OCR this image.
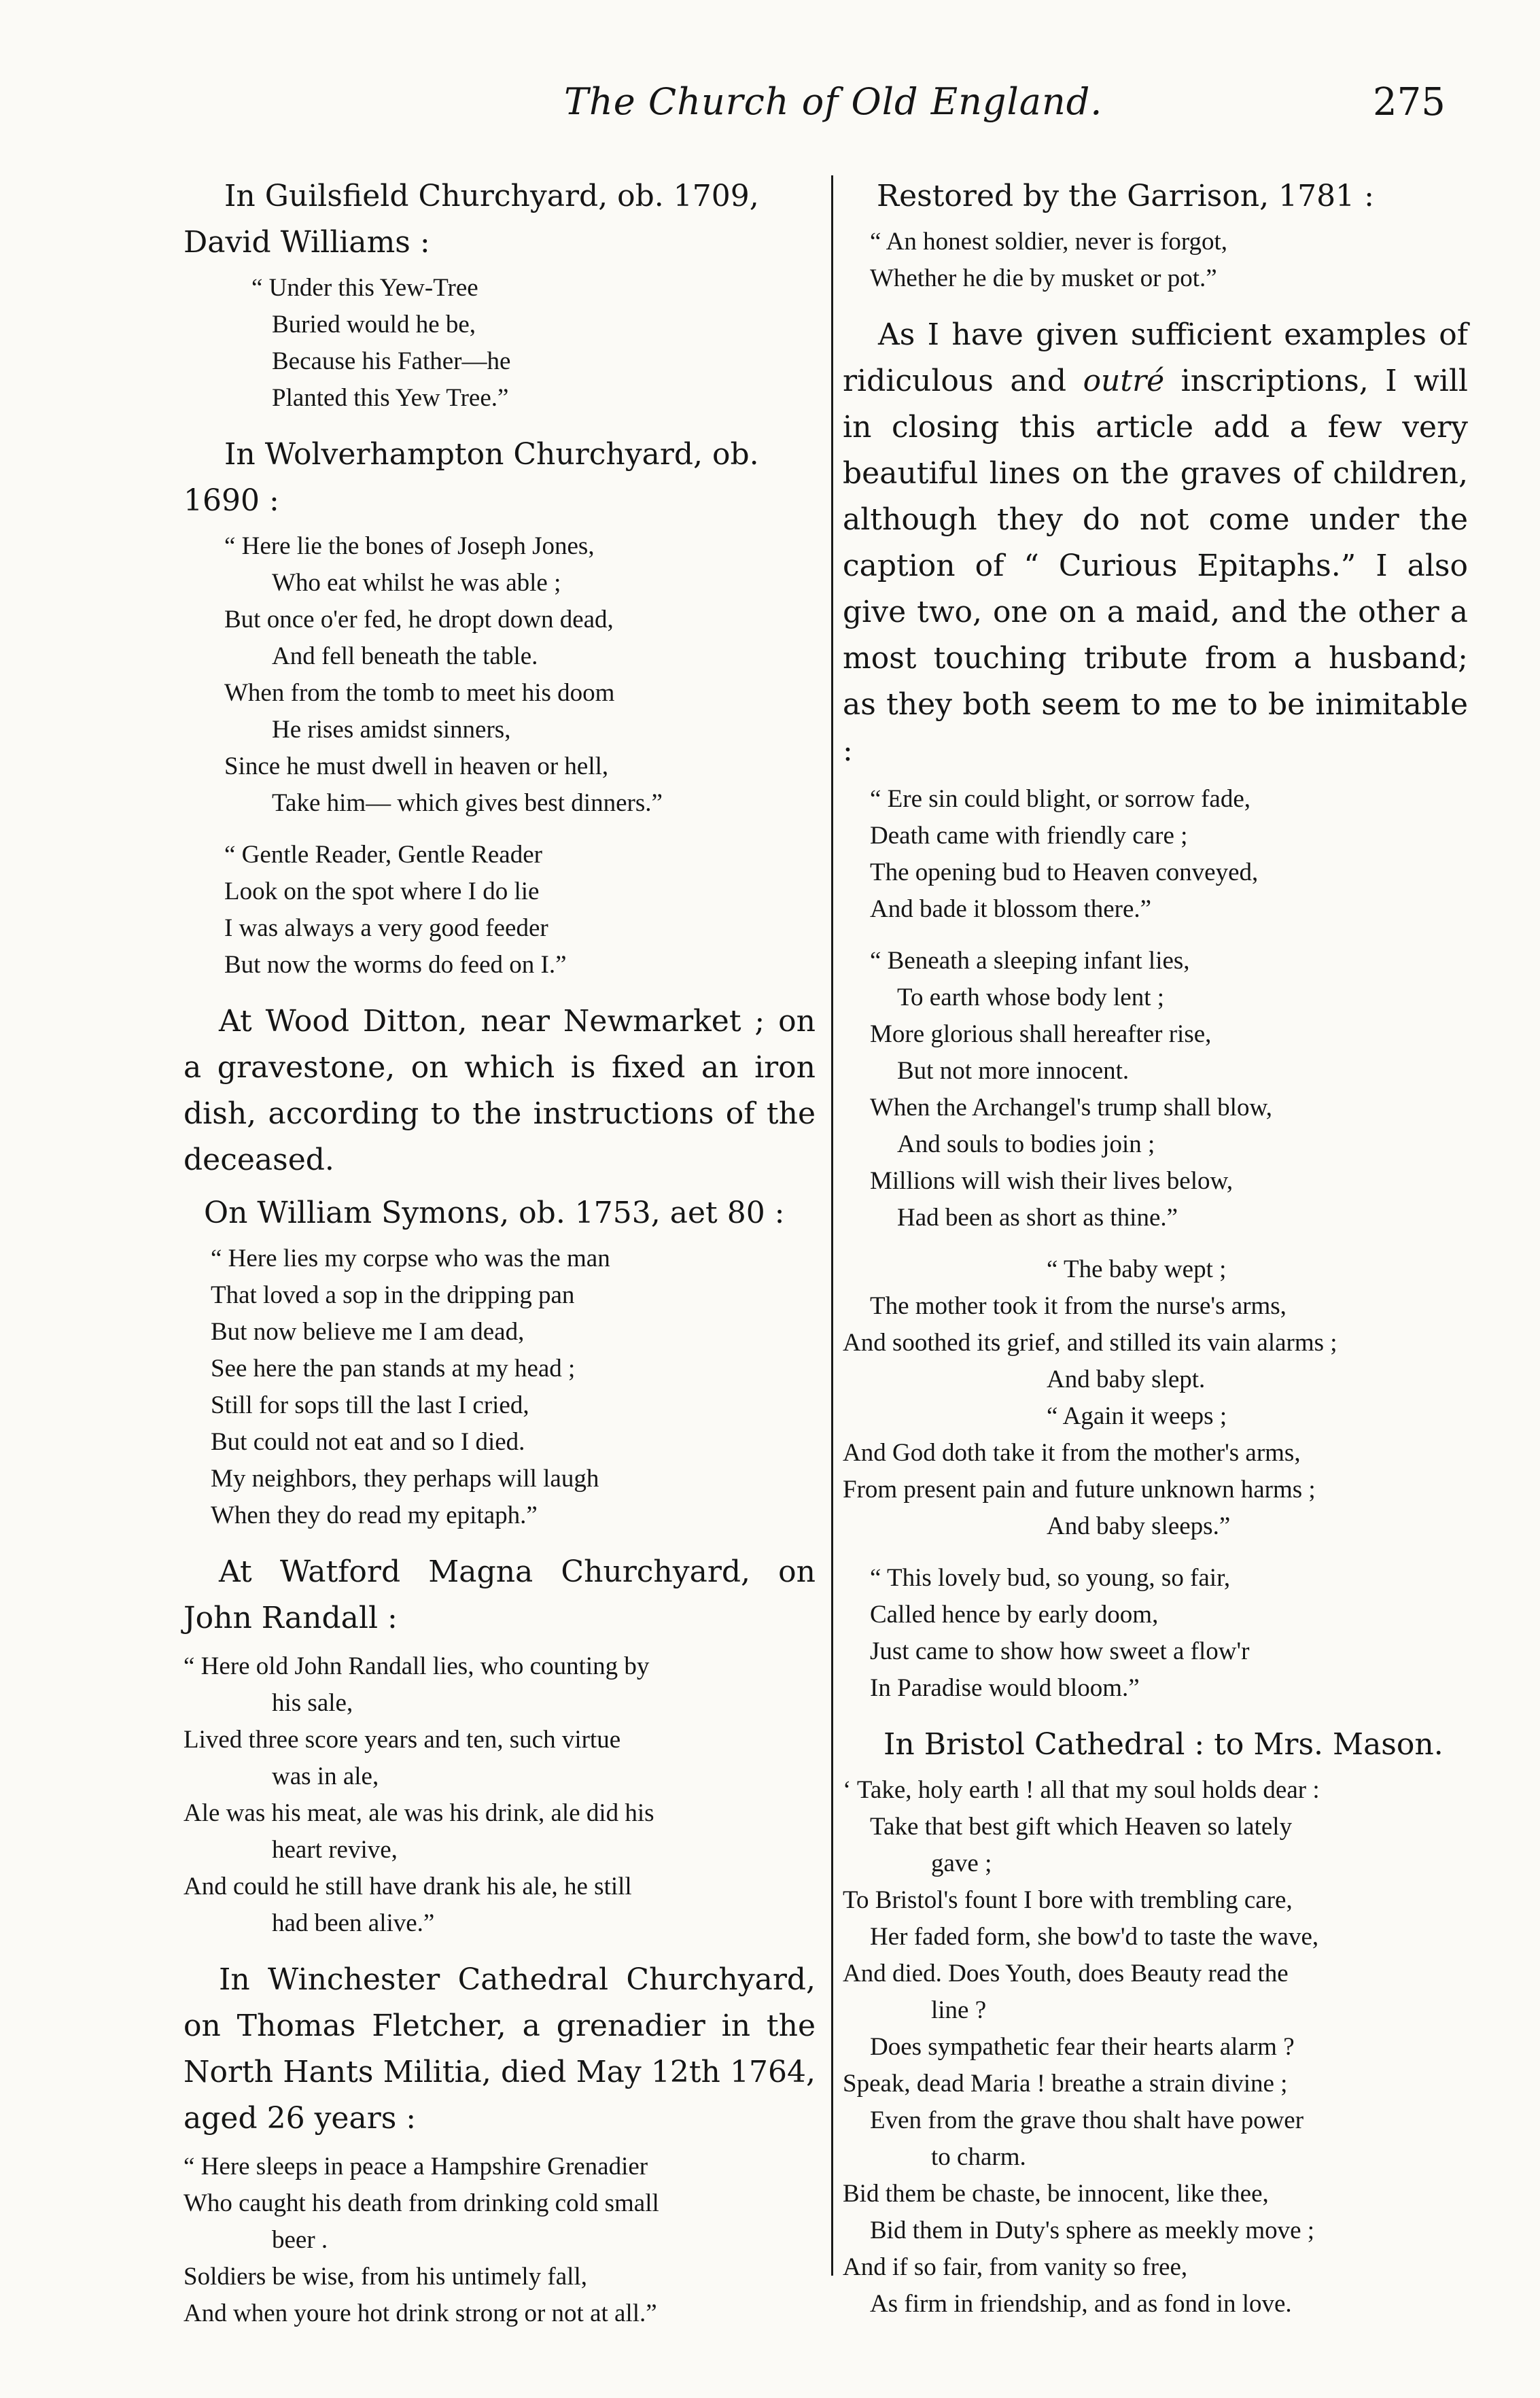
The Church of Old England.	275
In Guilsfield Churchyard, ob. 1709,
David Williams :
“ Under this Yew-Tree
Buried would he be,
Because his Father—he
Planted this Yew Tree.”
In Wolverhampton Churchyard, ob.
1690 :
“ Here lie the bones of Joseph Jones,
Who eat whilst he was able ;
But once o'er fed, he dropt down dead,
And fell beneath the table.
When from the tomb to meet his doom
He rises amidst sinners,
Since he must dwell in heaven or hell,
Take him— which gives best dinners.”
“ Gentle Reader, Gentle Reader
Look on the spot where I do lie
I was always a very good feeder
But now the worms do feed on I.”

At Wood Ditton, near Newmarket ; on a gravestone, on which is fixed an iron dish, according to the instructions of the deceased.

On William Symons, ob. 1753, aet 80 :
“ Here lies my corpse who was the man
That loved a sop in the dripping pan
But now believe me I am dead,
See here the pan stands at my head ;
Still for sops till the last I cried,
But could not eat and so I died.
My neighbors, they perhaps will laugh
When they do read my epitaph.”

At Watford Magna Churchyard, on John Randall :

“ Here old John Randall lies, who counting by
his sale,
Lived three score years and ten, such virtue
was in ale,
Ale was his meat, ale was his drink, ale did his
heart revive,
And could he still have drank his ale, he still
had been alive.”

In Winchester Cathedral Churchyard, on Thomas Fletcher, a grenadier in the North Hants Militia, died May 12th 1764, aged 26 years :

“ Here sleeps in peace a Hampshire Grenadier
Who caught his death from drinking cold small
beer .
Soldiers be wise, from his untimely fall,
And when youre hot drink strong or not at all.”
Restored by the Garrison, 1781 :
“ An honest soldier, never is forgot,
Whether he die by musket or pot.”

As I have given sufficient examples of ridiculous and outré inscriptions, I will in closing this article add a few very beautiful lines on the graves of children, although they do not come under the caption of “ Curious Epitaphs.” I also give two, one on a maid, and the other a most touching tribute from a husband; as they both seem to me to be inimitable :

“ Ere sin could blight, or sorrow fade,
Death came with friendly care ;
The opening bud to Heaven conveyed,
And bade it blossom there.”
“ Beneath a sleeping infant lies,
To earth whose body lent ;
More glorious shall hereafter rise,
But not more innocent.
When the Archangel's trump shall blow,
And souls to bodies join ;
Millions will wish their lives below,
Had been as short as thine.”
“ The baby wept ;
The mother took it from the nurse's arms,
And soothed its grief, and stilled its vain alarms ;
And baby slept.
“ Again it weeps ;
And God doth take it from the mother's arms,
From present pain and future unknown harms ;
And baby sleeps.”
“ This lovely bud, so young, so fair,
Called hence by early doom,
Just came to show how sweet a flow'r
In Paradise would bloom.”
In Bristol Cathedral : to Mrs. Mason.
‘ Take, holy earth ! all that my soul holds dear :
Take that best gift which Heaven so lately
gave ;
To Bristol's fount I bore with trembling care,
Her faded form, she bow'd to taste the wave,
And died. Does Youth, does Beauty read the
line ?
Does sympathetic fear their hearts alarm ?
Speak, dead Maria ! breathe a strain divine ;
Even from the grave thou shalt have power
to charm.
Bid them be chaste, be innocent, like thee,
Bid them in Duty's sphere as meekly move ;
And if so fair, from vanity so free,
As firm in friendship, and as fond in love.
